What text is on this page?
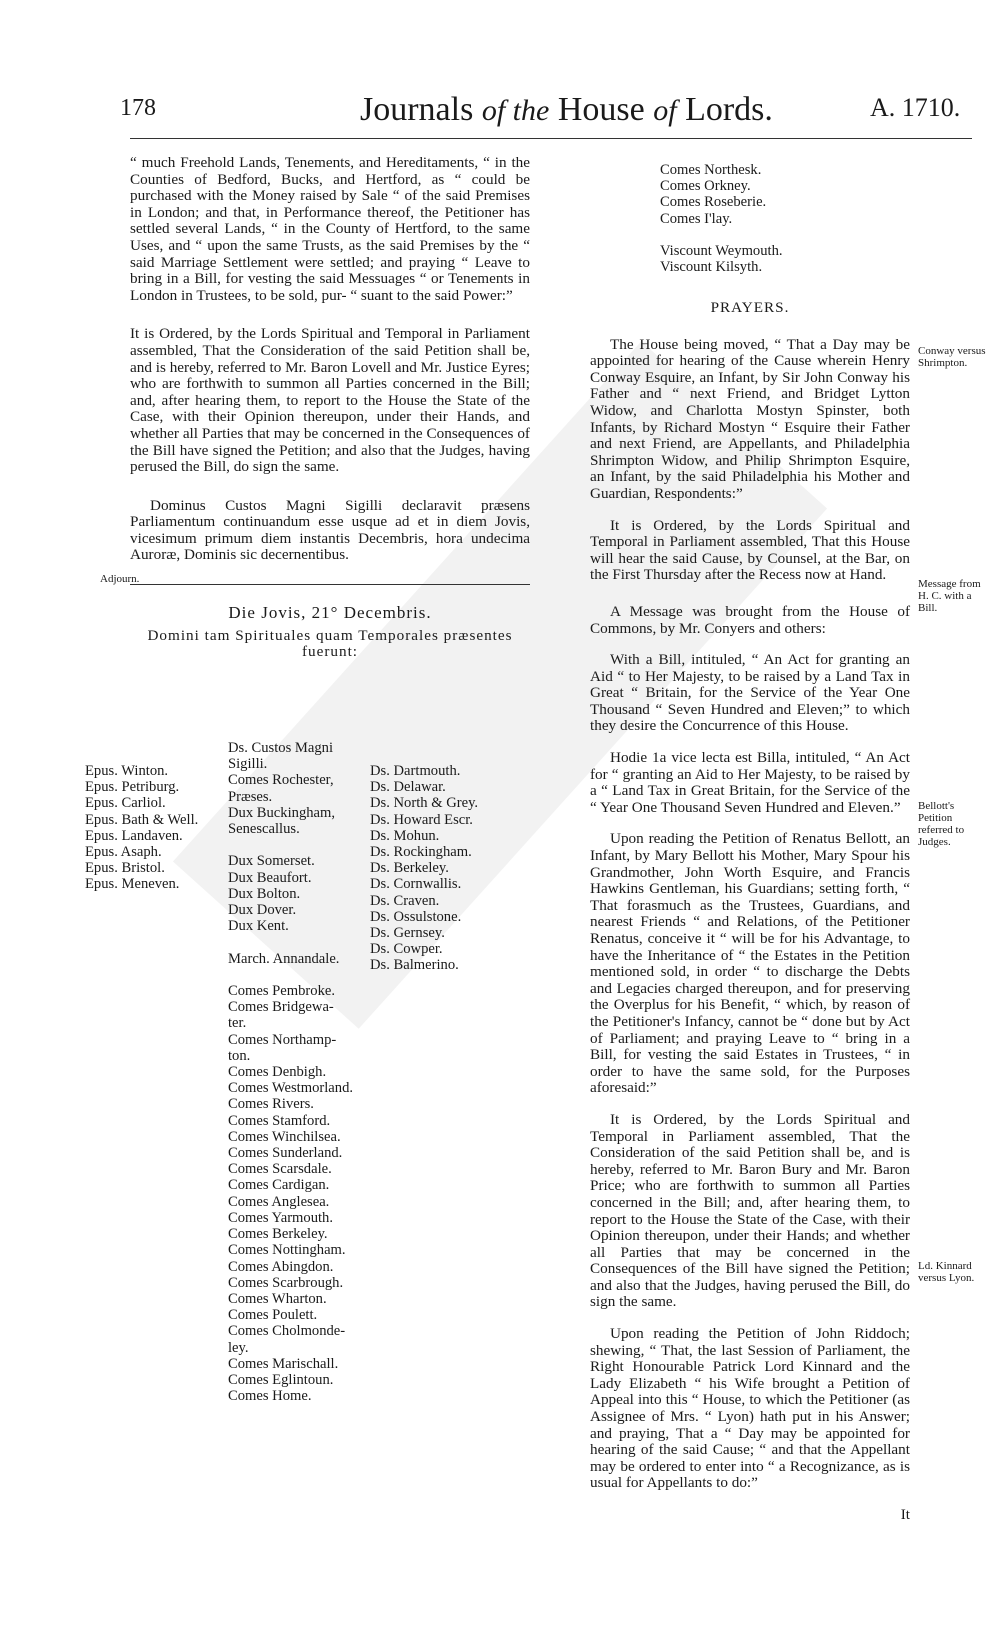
178	Journals of the House of Lords.	A. 1710.

“ much Freehold Lands, Tenements, and Hereditaments, “ in the Counties of Bedford, Bucks, and Hertford, as “ could be purchased with the Money raised by Sale “ of the said Premises in London; and that, in Performance thereof, the Petitioner has settled several Lands, “ in the County of Hertford, to the same Uses, and “ upon the same Trusts, as the said Premises by the “ said Marriage Settlement were settled; and praying “ Leave to bring in a Bill, for vesting the said Messuages “ or Tenements in London in Trustees, to be sold, pur- “ suant to the said Power:”

It is Ordered, by the Lords Spiritual and Temporal in Parliament assembled, That the Consideration of the said Petition shall be, and is hereby, referred to Mr. Baron Lovell and Mr. Justice Eyres; who are forthwith to summon all Parties concerned in the Bill; and, after hearing them, to report to the House the State of the Case, with their Opinion thereupon, under their Hands, and whether all Parties that may be concerned in the Consequences of the Bill have signed the Petition; and also that the Judges, having perused the Bill, do sign the same.

Dominus Custos Magni Sigilli declaravit præsens Parliamentum continuandum esse usque ad et in diem Jovis, vicesimum primum diem instantis Decembris, hora undecima Auroræ, Dominis sic decernentibus.

Die Jovis, 21° Decembris.
Domini tam Spirituales quam Temporales præsentes fuerunt:
Adjourn.
Epus. Winton.
Epus. Petriburg.
Epus. Carliol.
Epus. Bath & Well.
Epus. Landaven.
Epus. Asaph.
Epus. Bristol.
Epus. Meneven.
Ds. Custos Magni
Sigilli.
Comes Rochester,
Præses.
Dux Buckingham,
Senescallus.

Dux Somerset.
Dux Beaufort.
Dux Bolton.
Dux Dover.
Dux Kent.

March. Annandale.

Comes Pembroke.
Comes Bridgewa-
ter.
Comes Northamp-
ton.
Comes Denbigh.
Comes Westmorland.
Comes Rivers.
Comes Stamford.
Comes Winchilsea.
Comes Sunderland.
Comes Scarsdale.
Comes Cardigan.
Comes Anglesea.
Comes Yarmouth.
Comes Berkeley.
Comes Nottingham.
Comes Abingdon.
Comes Scarbrough.
Comes Wharton.
Comes Poulett.
Comes Cholmonde-
ley.
Comes Marischall.
Comes Eglintoun.
Comes Home.
Ds. Dartmouth.
Ds. Delawar.
Ds. North & Grey.
Ds. Howard Escr.
Ds. Mohun.
Ds. Rockingham.
Ds. Berkeley.
Ds. Cornwallis.
Ds. Craven.
Ds. Ossulstone.
Ds. Gernsey.
Ds. Cowper.
Ds. Balmerino.
Comes Northesk.
Comes Orkney.
Comes Roseberie.
Comes I'lay.

Viscount Weymouth.
Viscount Kilsyth.
PRAYERS.

The House being moved, “ That a Day may be appointed for hearing of the Cause wherein Henry Conway Esquire, an Infant, by Sir John Conway his Father and “ next Friend, and Bridget Lytton Widow, and Charlotta Mostyn Spinster, both Infants, by Richard Mostyn “ Esquire their Father and next Friend, are Appellants, and Philadelphia Shrimpton Widow, and Philip Shrimpton Esquire, an Infant, by the said Philadelphia his Mother and Guardian, Respondents:”

It is Ordered, by the Lords Spiritual and Temporal in Parliament assembled, That this House will hear the said Cause, by Counsel, at the Bar, on the First Thursday after the Recess now at Hand.

A Message was brought from the House of Commons, by Mr. Conyers and others:

With a Bill, intituled, “ An Act for granting an Aid “ to Her Majesty, to be raised by a Land Tax in Great “ Britain, for the Service of the Year One Thousand “ Seven Hundred and Eleven;” to which they desire the Concurrence of this House.

Hodie 1a vice lecta est Billa, intituled, “ An Act for “ granting an Aid to Her Majesty, to be raised by a “ Land Tax in Great Britain, for the Service of the “ Year One Thousand Seven Hundred and Eleven.”

Upon reading the Petition of Renatus Bellott, an Infant, by Mary Bellott his Mother, Mary Spour his Grandmother, John Worth Esquire, and Francis Hawkins Gentleman, his Guardians; setting forth, “ That forasmuch as the Trustees, Guardians, and nearest Friends “ and Relations, of the Petitioner Renatus, conceive it “ will be for his Advantage, to have the Inheritance of “ the Estates in the Petition mentioned sold, in order “ to discharge the Debts and Legacies charged thereupon, and for preserving the Overplus for his Benefit, “ which, by reason of the Petitioner's Infancy, cannot be “ done but by Act of Parliament; and praying Leave to “ bring in a Bill, for vesting the said Estates in Trustees, “ in order to have the same sold, for the Purposes aforesaid:”

It is Ordered, by the Lords Spiritual and Temporal in Parliament assembled, That the Consideration of the said Petition shall be, and is hereby, referred to Mr. Baron Bury and Mr. Baron Price; who are forthwith to summon all Parties concerned in the Bill; and, after hearing them, to report to the House the State of the Case, with their Opinion thereupon, under their Hands; and whether all Parties that may be concerned in the Consequences of the Bill have signed the Petition; and also that the Judges, having perused the Bill, do sign the same.

Upon reading the Petition of John Riddoch; shewing, “ That, the last Session of Parliament, the Right Honourable Patrick Lord Kinnard and the Lady Elizabeth “ his Wife brought a Petition of Appeal into this “ House, to which the Petitioner (as Assignee of Mrs. “ Lyon) hath put in his Answer; and praying, That a “ Day may be appointed for hearing of the said Cause; “ and that the Appellant may be ordered to enter into “ a Recognizance, as is usual for Appellants to do:”

It
Conway versus Shrimpton.
Message from H. C. with a Bill.
Bellott's Petition referred to Judges.
Ld. Kinnard versus Lyon.
